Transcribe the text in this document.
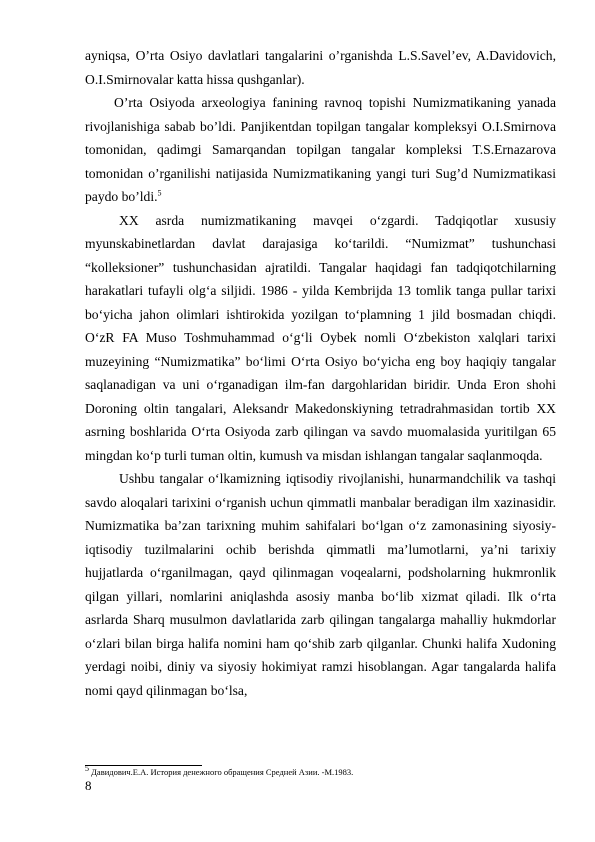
ayniqsa, O’rta Osiyo davlatlari tangalarini o’rganishda L.S.Savel’ev, A.Davidovich, O.I.Smirnovalar katta hissa qushganlar).

O’rta Osiyoda arxeologiya fanining ravnoq topishi Numizmatikaning yanada rivojlanishiga sabab bo’ldi. Panjikentdan topilgan tangalar kompleksyi O.I.Smirnova tomonidan, qadimgi Samarqandan topilgan tangalar kompleksi T.S.Ernazarova tomonidan o’rganilishi natijasida Numizmatikaning yangi turi Sug’d Numizmatikasi paydo bo’ldi.$^5$

XX asrda numizmatikaning mavqei o‘zgardi. Tadqiqotlar xususiy myunskabinetlardan davlat darajasiga ko‘tarildi. “Numizmat” tushunchasi “kolleksioner” tushunchasidan ajratildi. Tangalar haqidagi fan tadqiqotchilarning harakatlari tufayli olg‘a siljidi. 1986 - yilda Kembrijda 13 tomlik tanga pullar tarixi bo‘yicha jahon olimlari ishtirokida yozilgan to‘plamning 1 jild bosmadan chiqdi. O‘zR FA Muso Toshmuhammad o‘g‘li Oybek nomli O‘zbekiston xalqlari tarixi muzeyining “Numizmatika” bo‘limi O‘rta Osiyo bo‘yicha eng boy haqiqiy tangalar saqlanadigan va uni o‘rganadigan ilm-fan dargohlaridan biridir. Unda Eron shohi Doroning oltin tangalari, Aleksandr Makedonskiyning tetradrahmasidan tortib XX asrning boshlarida O‘rta Osiyoda zarb qilingan va savdo muomalasida yuritilgan 65 mingdan ko‘p turli tuman oltin, kumush va misdan ishlangan tangalar saqlanmoqda.

Ushbu tangalar o‘lkamizning iqtisodiy rivojlanishi, hunarmandchilik va tashqi savdo aloqalari tarixini o‘rganish uchun qimmatli manbalar beradigan ilm xazinasidir. Numizmatika ba’zan tarixning muhim sahifalari bo‘lgan o‘z zamonasining siyosiy-iqtisodiy tuzilmalarini ochib berishda qimmatli ma’lumotlarni, ya’ni tarixiy hujjatlarda o‘rganilmagan, qayd qilinmagan voqealarni, podsholarning hukmronlik qilgan yillari, nomlarini aniqlashda asosiy manba bo‘lib xizmat qiladi. Ilk o‘rta asrlarda Sharq musulmon davlatlarida zarb qilingan tangalarga mahalliy hukmdorlar o‘zlari bilan birga halifa nomini ham qo‘shib zarb qilganlar. Chunki halifa Xudoning yerdagi noibi, diniy va siyosiy hokimiyat ramzi hisoblangan. Agar tangalarda halifa nomi qayd qilinmagan bo‘lsa,

$^5$ Давидович.Е.А. История денежного обращения Средней Азии. -М.1983.
8
